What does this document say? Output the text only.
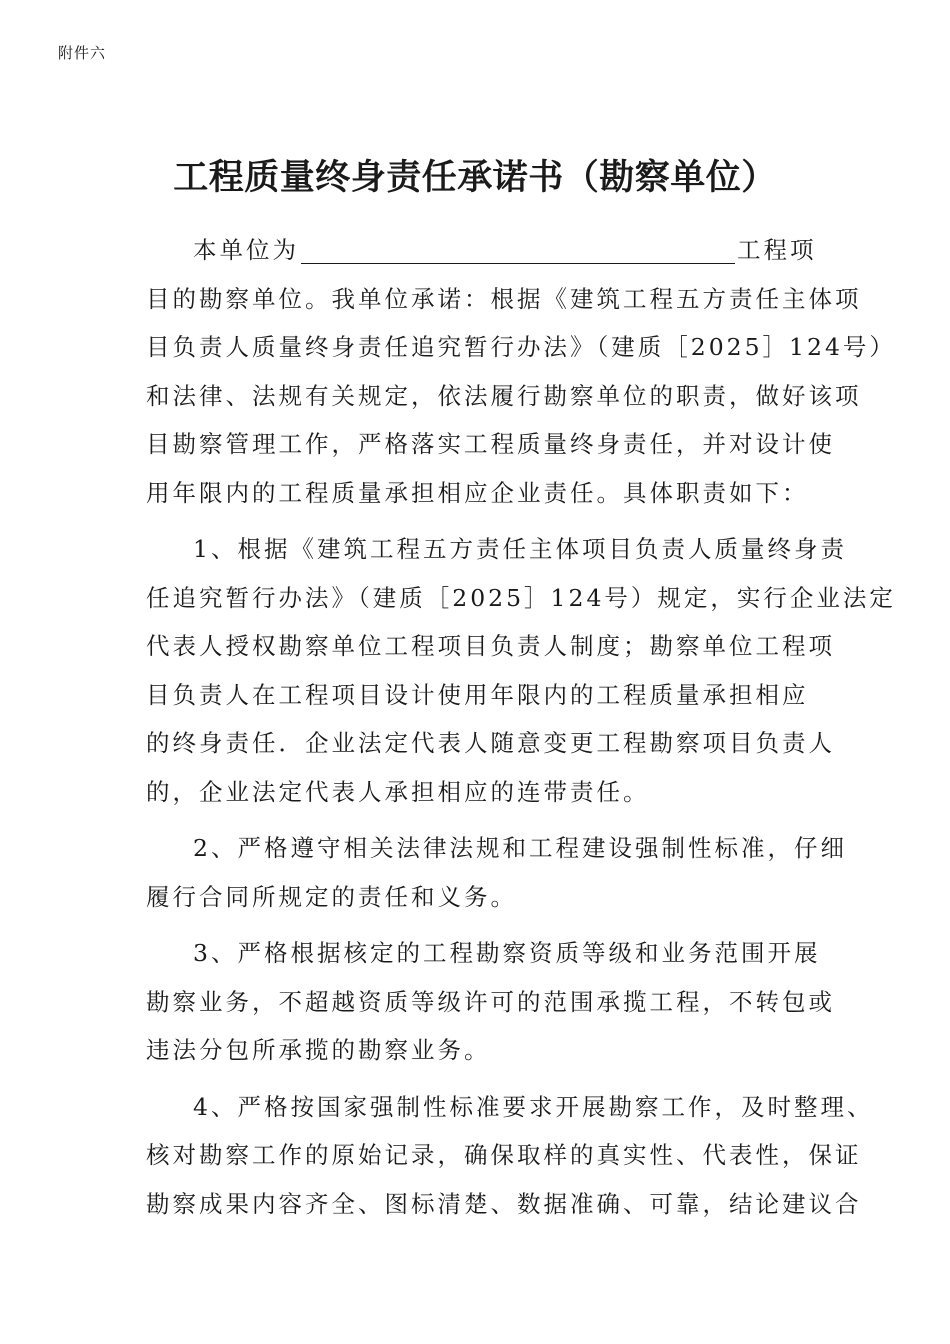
附件六
工程质量终身责任承诺书（勘察单位）
本单位为	工程项
目的勘察单位。我单位承诺：根据《建筑工程五方责任主体项
目负责人质量终身责任追究暂行办法》（建质［2025］124号）
和法律、法规有关规定，依法履行勘察单位的职责，做好该项
目勘察管理工作，严格落实工程质量终身责任，并对设计使
用年限内的工程质量承担相应企业责任。具体职责如下：
1、根据《建筑工程五方责任主体项目负责人质量终身责
任追究暂行办法》（建质［2025］124号）规定，实行企业法定
代表人授权勘察单位工程项目负责人制度；勘察单位工程项
目负责人在工程项目设计使用年限内的工程质量承担相应
的终身责任．企业法定代表人随意变更工程勘察项目负责人
的，企业法定代表人承担相应的连带责任。
2、严格遵守相关法律法规和工程建设强制性标准，仔细
履行合同所规定的责任和义务。
3、严格根据核定的工程勘察资质等级和业务范围开展
勘察业务，不超越资质等级许可的范围承揽工程，不转包或
违法分包所承揽的勘察业务。
4、严格按国家强制性标准要求开展勘察工作，及时整理、
核对勘察工作的原始记录，确保取样的真实性、代表性，保证
勘察成果内容齐全、图标清楚、数据准确、可靠，结论建议合
